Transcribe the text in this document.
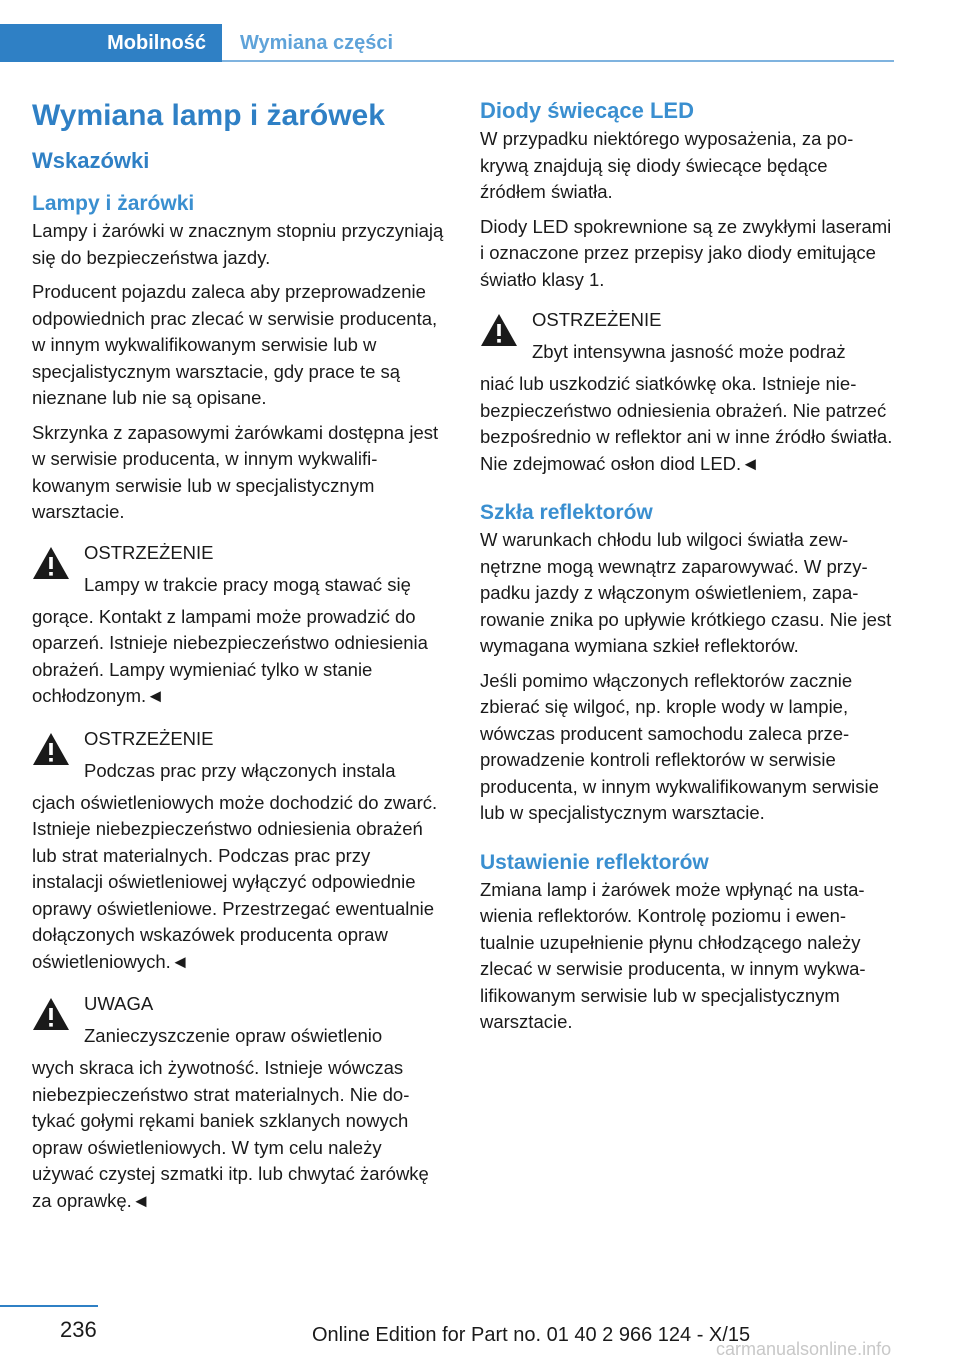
Mobilność	Wymiana części
Wymiana lamp i żarówek
Wskazówki
Lampy i żarówki

Lampy i żarówki w znacznym stopniu przyczyniają się do bezpieczeństwa jazdy.

Producent pojazdu zaleca aby przeprowadzenie odpowiednich prac zlecać w serwisie producenta, w innym wykwalifikowanym serwisie lub w specjalistycznym warsztacie, gdy prace te są nieznane lub nie są opisane.

Skrzynka z zapasowymi żarówkami dostępna jest w serwisie producenta, w innym wykwalifikowanym serwisie lub w specjalistycznym warsztacie.

OSTRZEŻENIE
Lampy w trakcie pracy mogą stawać się

gorące. Kontakt z lampami może prowadzić do oparzeń. Istnieje niebezpieczeństwo odniesienia obrażeń. Lampy wymieniać tylko w stanie ochłodzonym.◄

OSTRZEŻENIE
Podczas prac przy włączonych instala

cjach oświetleniowych może dochodzić do zwarć. Istnieje niebezpieczeństwo odniesienia obrażeń lub strat materialnych. Podczas prac przy instalacji oświetleniowej wyłączyć odpowiednie oprawy oświetleniowe. Przestrzegać ewentualnie dołączonych wskazówek producenta opraw oświetleniowych.◄

UWAGA
Zanieczyszczenie opraw oświetlenio

wych skraca ich żywotność. Istnieje wówczas niebezpieczeństwo strat materialnych. Nie dotykać gołymi rękami baniek szklanych nowych opraw oświetleniowych. W tym celu należy używać czystej szmatki itp. lub chwytać żarówkę za oprawkę.◄

Diody świecące LED

W przypadku niektórego wyposażenia, za pokrywą znajdują się diody świecące będące źródłem światła.

Diody LED spokrewnione są ze zwykłymi laserami i oznaczone przez przepisy jako diody emitujące światło klasy 1.

OSTRZEŻENIE
Zbyt intensywna jasność może podraż

niać lub uszkodzić siatkówkę oka. Istnieje niebezpieczeństwo odniesienia obrażeń. Nie patrzeć bezpośrednio w reflektor ani w inne źródło światła. Nie zdejmować osłon diod LED.◄

Szkła reflektorów

W warunkach chłodu lub wilgoci światła zewnętrzne mogą wewnątrz zaparowywać. W przypadku jazdy z włączonym oświetleniem, zaparowanie znika po upływie krótkiego czasu. Nie jest wymagana wymiana szkieł reflektorów.

Jeśli pomimo włączonych reflektorów zacznie zbierać się wilgoć, np. krople wody w lampie, wówczas producent samochodu zaleca przeprowadzenie kontroli reflektorów w serwisie producenta, w innym wykwalifikowanym serwisie lub w specjalistycznym warsztacie.

Ustawienie reflektorów

Zmiana lamp i żarówek może wpłynąć na ustawienia reflektorów. Kontrolę poziomu i ewentualnie uzupełnienie płynu chłodzącego należy zlecać w serwisie producenta, w innym wykwalifikowanym serwisie lub w specjalistycznym warsztacie.

236	Online Edition for Part no. 01 40 2 966 124 - X/15
carmanualsonline.info
